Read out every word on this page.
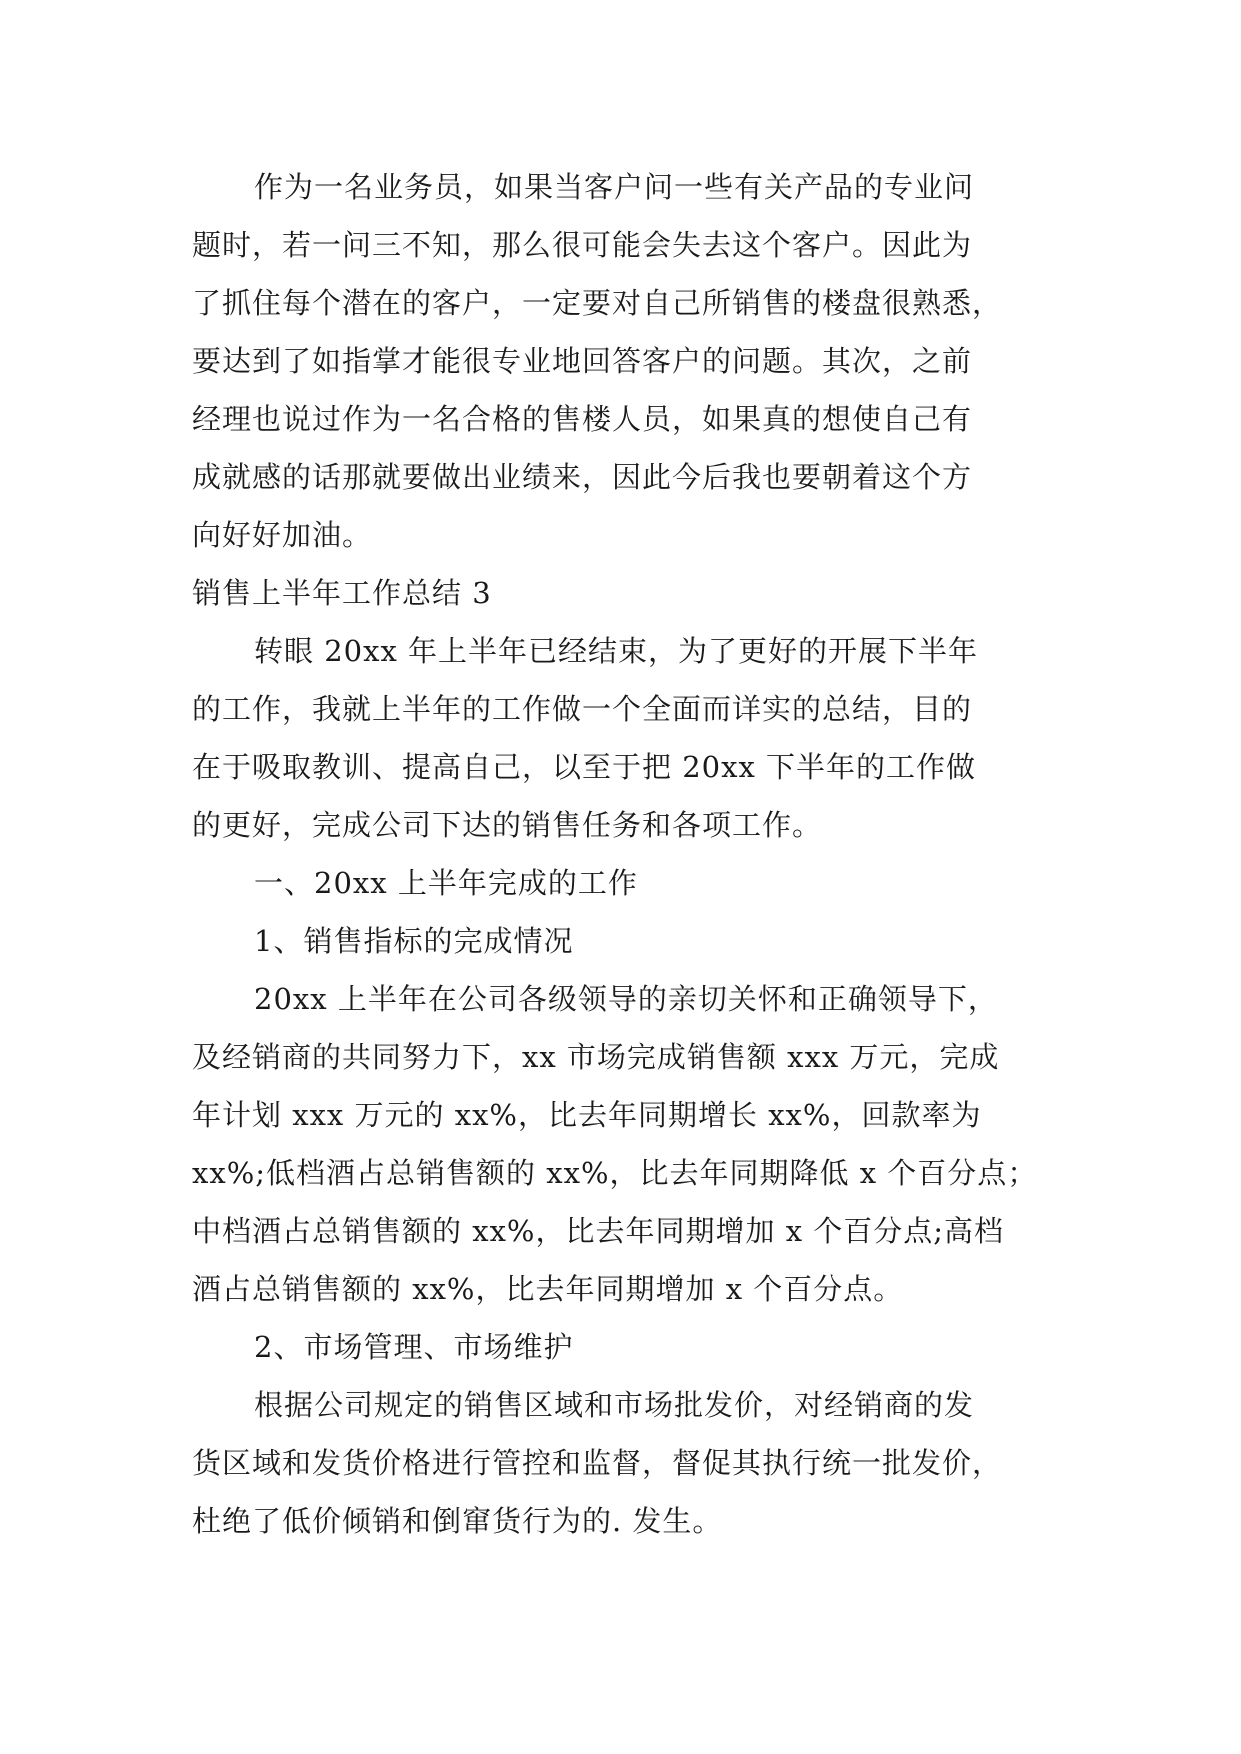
作为一名业务员，如果当客户问一些有关产品的专业问

题时，若一问三不知，那么很可能会失去这个客户。因此为

了抓住每个潜在的客户，一定要对自己所销售的楼盘很熟悉，

要达到了如指掌才能很专业地回答客户的问题。其次，之前

经理也说过作为一名合格的售楼人员，如果真的想使自己有

成就感的话那就要做出业绩来，因此今后我也要朝着这个方

向好好加油。

销售上半年工作总结 3

转眼 20xx 年上半年已经结束，为了更好的开展下半年

的工作，我就上半年的工作做一个全面而详实的总结，目的

在于吸取教训、提高自己，以至于把 20xx 下半年的工作做

的更好，完成公司下达的销售任务和各项工作。

一、20xx 上半年完成的工作

1、销售指标的完成情况

20xx 上半年在公司各级领导的亲切关怀和正确领导下，

及经销商的共同努力下，xx 市场完成销售额 xxx 万元，完成

年计划 xxx 万元的 xx%，比去年同期增长 xx%，回款率为

xx%;低档酒占总销售额的 xx%，比去年同期降低 x 个百分点；

中档酒占总销售额的 xx%，比去年同期增加 x 个百分点;高档

酒占总销售额的 xx%，比去年同期增加 x 个百分点。

2、市场管理、市场维护

根据公司规定的销售区域和市场批发价，对经销商的发

货区域和发货价格进行管控和监督，督促其执行统一批发价，

杜绝了低价倾销和倒窜货行为的. 发生。
